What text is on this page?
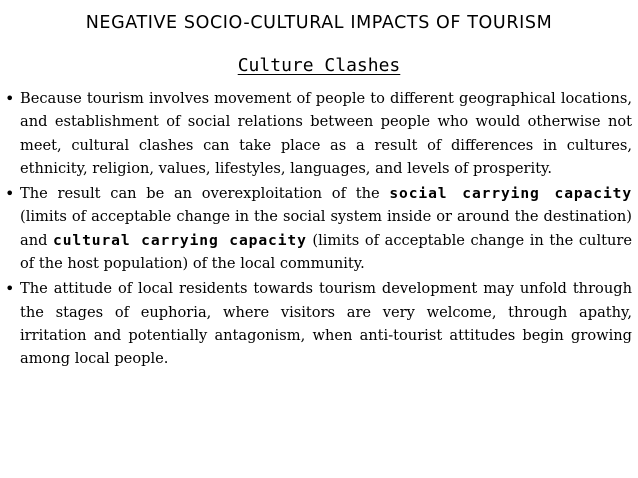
NEGATIVE SOCIO-CULTURAL IMPACTS OF TOURISM
Culture Clashes
• Because tourism involves movement of people to different geographical locations, and establishment of social relations between people who would otherwise not meet, cultural clashes can take place as a result of differences in cultures, ethnicity, religion, values, lifestyles, languages, and levels of prosperity.
• The result can be an overexploitation of the social carrying capacity (limits of acceptable change in the social system inside or around the destination) and cultural carrying capacity (limits of acceptable change in the culture of the host population) of the local community.
• The attitude of local residents towards tourism development may unfold through the stages of euphoria, where visitors are very welcome, through apathy, irritation and potentially antagonism, when anti-tourist attitudes begin growing among local people.
